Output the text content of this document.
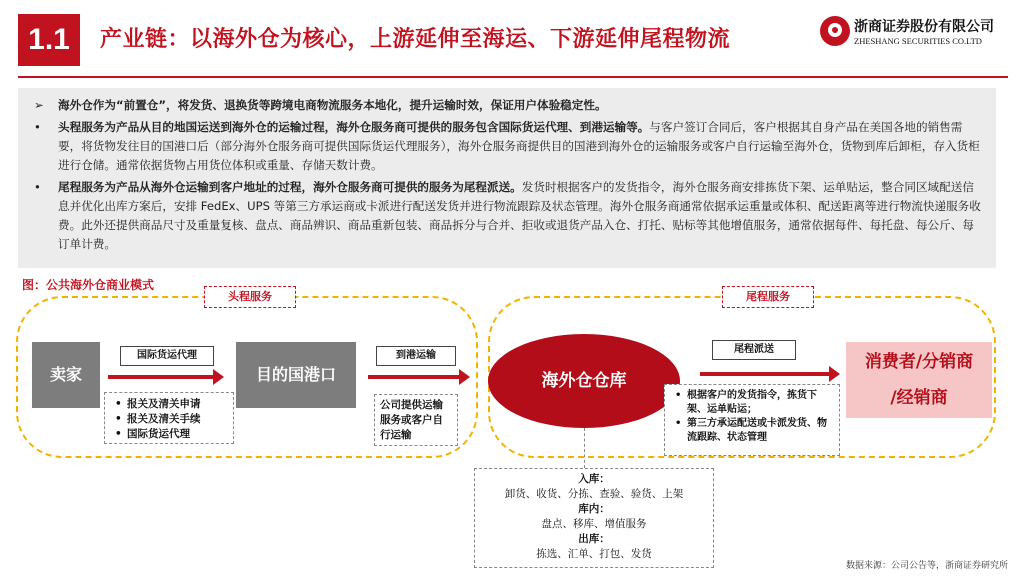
1.1	产业链：以海外仓为核心，上游延伸至海运、下游延伸尾程物流	浙商证券股份有限公司
ZHESHANG SECURITIES CO.LTD
➢ 海外仓作为“前置仓”，将发货、退换货等跨境电商物流服务本地化，提升运输时效，保证用户体验稳定性。
• 头程服务为产品从目的地国运送到海外仓的运输过程，海外仓服务商可提供的服务包含国际货运代理、到港运输等。与客户签订合同后，客户根据其自身产品在美国各地的销售需要，将货物发往目的国港口后（部分海外仓服务商可提供国际货运代理服务），海外仓服务商提供目的国港到海外仓的运输服务或客户自行运输至海外仓，货物到库后卸柜，存入货柜进行仓储。通常依据货物占用货位体积或重量、存储天数计费。
• 尾程服务为产品从海外仓运输到客户地址的过程，海外仓服务商可提供的服务为尾程派送。发货时根据客户的发货指令，海外仓服务商安排拣货下架、运单贴运，整合同区域配送信息并优化出库方案后，安排 FedEx、UPS 等第三方承运商或卡派进行配送发货并进行物流跟踪及状态管理。海外仓服务商通常依据承运重量或体积、配送距离等进行物流快递服务收费。此外还提供商品尺寸及重量复核、盘点、商品辨识、商品重新包装、商品拆分与合并、拒收或退货产品入仓、打托、贴标等其他增值服务，通常依据每件、每托盘、每公斤、每订单计费。
图：公共海外仓商业模式
头程服务	尾程服务
卖家
国际货运代理
• 报关及清关申请
• 报关及清关手续
• 国际货运代理
目的国港口
到港运输
公司提供运输服务或客户自行运输
海外仓仓库
尾程派送
• 根据客户的发货指令，拣货下架、运单贴运；
• 第三方承运配送或卡派发货、物流跟踪、状态管理
消费者/分销商
/经销商
入库：
卸货、收货、分拣、查验、验货、上架
库内：
盘点、移库、增值服务
出库：
拣选、汇单、打包、发货
数据来源：公司公告等，浙商证券研究所
